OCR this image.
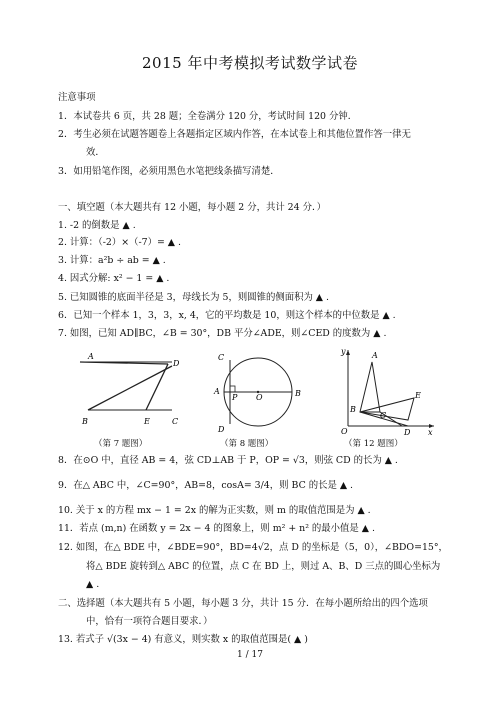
2015 年中考模拟考试数学试卷
注意事项
1．本试卷共 6 页，共 28 题；全卷满分 120 分，考试时间 120 分钟．
2．考生必须在试题答题卷上各题指定区域内作答，在本试卷上和其他位置作答一律无
效．
3．如用铅笔作图，必须用黑色水笔把线条描写清楚．
一、填空题（本大题共有 12 小题，每小题 2 分，共计 24 分．）
1. -2 的倒数是 ▲ .
2. 计算：（-2）×（-7）= ▲ .
3. 计算：a²b ÷ ab = ▲ .
4. 因式分解: x² − 1 = ▲ .
5. 已知圆锥的底面半径是 3，母线长为 5，则圆锥的侧面积为 ▲ .
6．已知一个样本 1，3，3，x, 4，它的平均数是 10，则这个样本的中位数是 ▲ .
7. 如图，已知 AD∥BC，∠B = 30°，DB 平分∠ADE，则∠CED 的度数为 ▲ .
A
D
B	E	C
C
A
P O	B
D
y	A
E
B
C
O	D x
（第 7 题图）	（第 8 题图）	（第 12 题图）
8．在⊙O 中，直径 AB = 4，弦 CD⊥AB 于 P，OP = √3，则弦 CD 的长为 ▲ .
9．在△ ABC 中，∠C=90°，AB=8，cosA= 3/4，则 BC 的长是 ▲ .
10. 关于 x 的方程 mx − 1 = 2x 的解为正实数，则 m 的取值范围是为 ▲ .
11．若点 (m,n) 在函数 y = 2x − 4 的图象上，则 m² + n² 的最小值是 ▲ .
12. 如图，在△ BDE 中，∠BDE=90°，BD=4√2，点 D 的坐标是（5，0），∠BDO=15°，
将△ BDE 旋转到△ ABC 的位置，点 C 在 BD 上，则过 A、B、D 三点的圆心坐标为
▲ .
二、选择题（本大题共有 5 小题，每小题 3 分，共计 15 分．在每小题所给出的四个选项
中，恰有一项符合题目要求．）
13. 若式子 √(3x − 4) 有意义，则实数 x 的取值范围是( ▲ )
1 / 17
